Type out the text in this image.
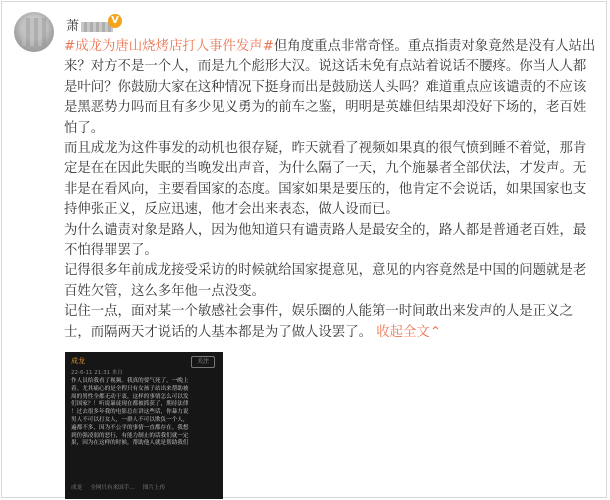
萧	V

#成龙为唐山烧烤店打人事件发声#但角度重点非常奇怪。重点指责对象竟然是没有人站出来？对方不是一个人，而是九个彪形大汉。说这话未免有点站着说话不腰疼。你当人人都是叶问？你鼓励大家在这种情况下挺身而出是鼓励送人头吗？难道重点应该谴责的不应该是黑恶势力吗而且有多少见义勇为的前车之鉴，明明是英雄但结果却没好下场的，老百姓怕了。

而且成龙为这件事发的动机也很存疑，昨天就看了视频如果真的很气愤到睡不着觉，那肯定是在在因此失眠的当晚发出声音，为什么隔了一天，九个施暴者全部伏法，才发声。无非是在看风向，主要看国家的态度。国家如果是要压的，他肯定不会说话，如果国家也支持伸张正义，反应迅速，他才会出来表态，做人设而已。

为什么谴责对象是路人，因为他知道只有谴责路人是最安全的，路人都是普通老百姓，最不怕得罪罢了。

记得很多年前成龙接受采访的时候就给国家提意见，意见的内容竟然是中国的问题就是老百姓欠管，这么多年他一点没变。

记住一点，面对某一个敏感社会事件，娱乐圈的人能第一时间敢出来发声的人是正义之士，而隔两天才说话的人基本都是为了做人设罢了。 收起全文⌃

成龙
22-6-11 21:31 来自
关注
作人员给我看了视频。我真的要气死了，一晚上
着。尤其痛心的是全程只有女孩子站出来帮助被
周的男性全都无动于衷，这样的事情怎么可以发
们国家？！听说暴徒现在都被抓获了，期待法律
！过去很多年我的电影总在讲这些话，你暴力说
男人不可以打女人，一群人不可以欺负一个人，
遍都不多，因为不公平的事情一直都存在。我想
到仿强凌弱的恶行，有能力制止的话我们就一定
果，因为在这样的时候，帮助他人就是帮助我们
成龙 全网只有米国手… 图片上传
